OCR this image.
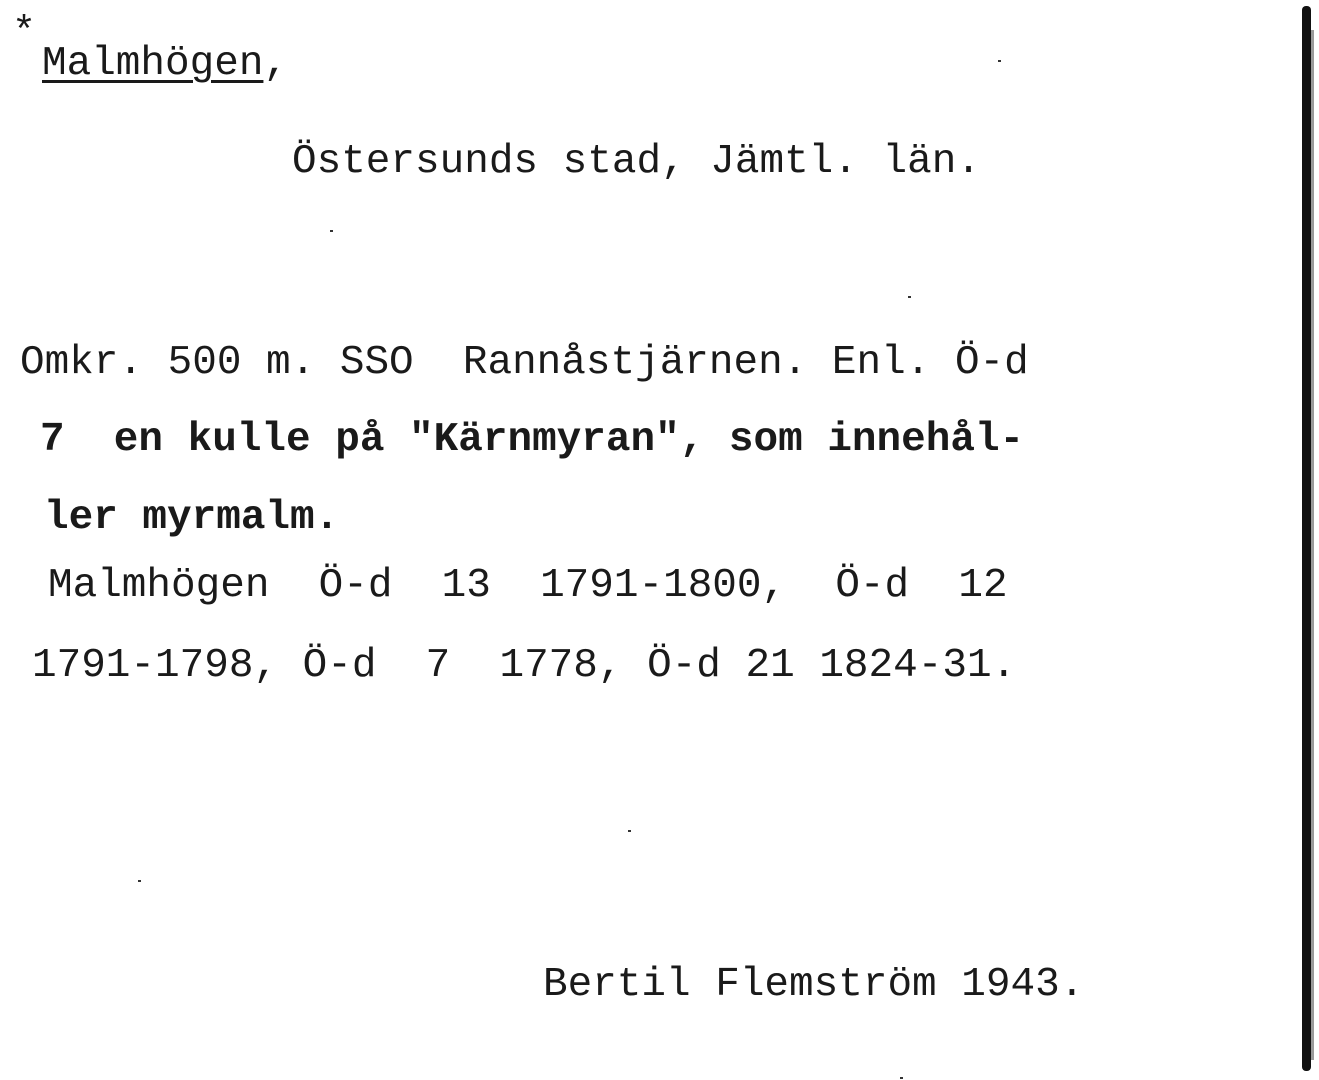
*
Malmhögen,
Östersunds stad, Jämtl. län.
Omkr. 500 m. SSO  Rannåstjärnen. Enl. Ö-d
7  en kulle på "Kärnmyran", som innehål-
ler myrmalm.
Malmhögen  Ö-d  13  1791-1800,  Ö-d  12
1791-1798, Ö-d  7  1778, Ö-d 21 1824-31.
Bertil Flemström 1943.
